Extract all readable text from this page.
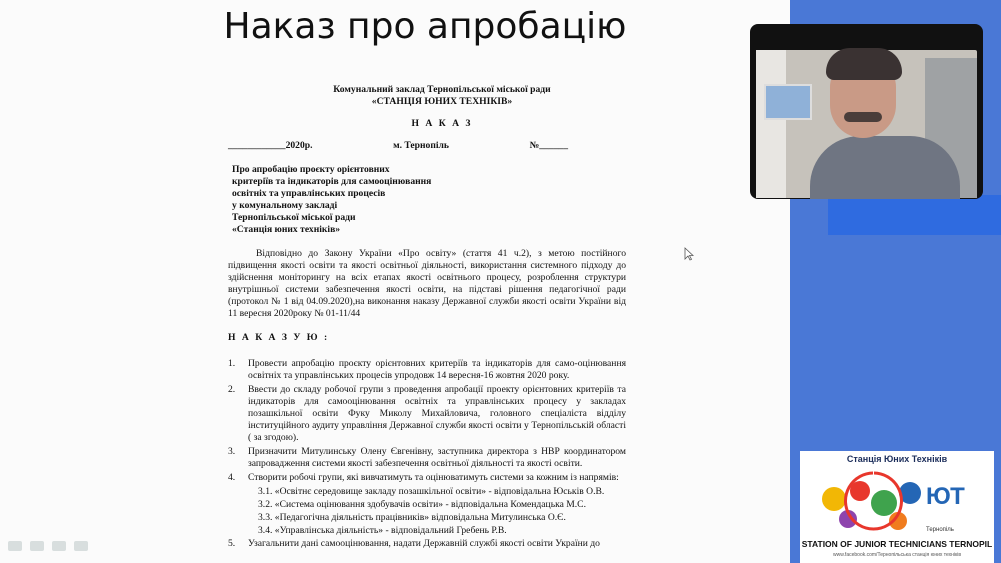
Наказ про апробацію
Комунальний заклад Тернопільської міської ради
«СТАНЦІЯ ЮНИХ ТЕХНІКІВ»
Н А К А З
____________2020р.	м. Тернопіль	№______
Про апробацію проєкту орієнтовних
критеріїв та індикаторів для самооцінювання
освітніх та управлінських процесів
у комунальному закладі
Тернопільської міської ради
«Станція юних техніків»
Відповідно до Закону України «Про освіту» (стаття 41 ч.2), з метою постійного підвищення якості освіти та якості освітньої діяльності, використання системного підходу до здійснення моніторингу на всіх етапах якості освітнього процесу, розроблення структури внутрішньої системи забезпечення якості освіти, на підставі рішення педагогічної ради (протокол № 1 від 04.09.2020),на виконання наказу Державної служби якості освіти України від 11 вересня 2020року № 01-11/44
Н А К А З У Ю :
1.	Провести апробацію проєкту орієнтовних критеріїв та індикаторів для само-оцінювання освітніх та управлінських процесів упродовж 14 вересня-16 жовтня 2020 року.
2.	Ввести до складу робочої групи з проведення апробації проекту орієнтовних критеріїв та індикаторів для самооцінювання освітніх та управлінських процесу у закладах позашкільної освіти Фуку Миколу Михайловича, головного спеціаліста відділу інституційного аудиту управління Державної служби якості освіти у Тернопільській області ( за згодою).
3.	Призначити Митулинську Олену Євгенівну, заступника директора з НВР координатором запровадження системи якості забезпечення освітньої діяльності та якості освіти.
4.	Створити робочі групи, які вивчатимуть та оцінюватимуть системи за кожним із напрямів:
3.1. «Освітнє середовище закладу позашкільної освіти» - відповідальна Юськів О.В.
3.2. «Система оцінювання здобувачів освіти» - відповідальна Комендацька М.С.
3.3. «Педагогічна діяльність працівників» відповідальна Митулинська О.Є.
3.4. «Управлінська діяльність» - відповідальний Гребень Р.В.
5.	Узагальнити дані самооцінювання, надати Державній службі якості освіти України до
Станція Юних Техніків
ЮТ
Тернопіль
STATION OF JUNIOR TECHNICIANS TERNOPIL
www.facebook.com/Тернопільська станція юних техніків
